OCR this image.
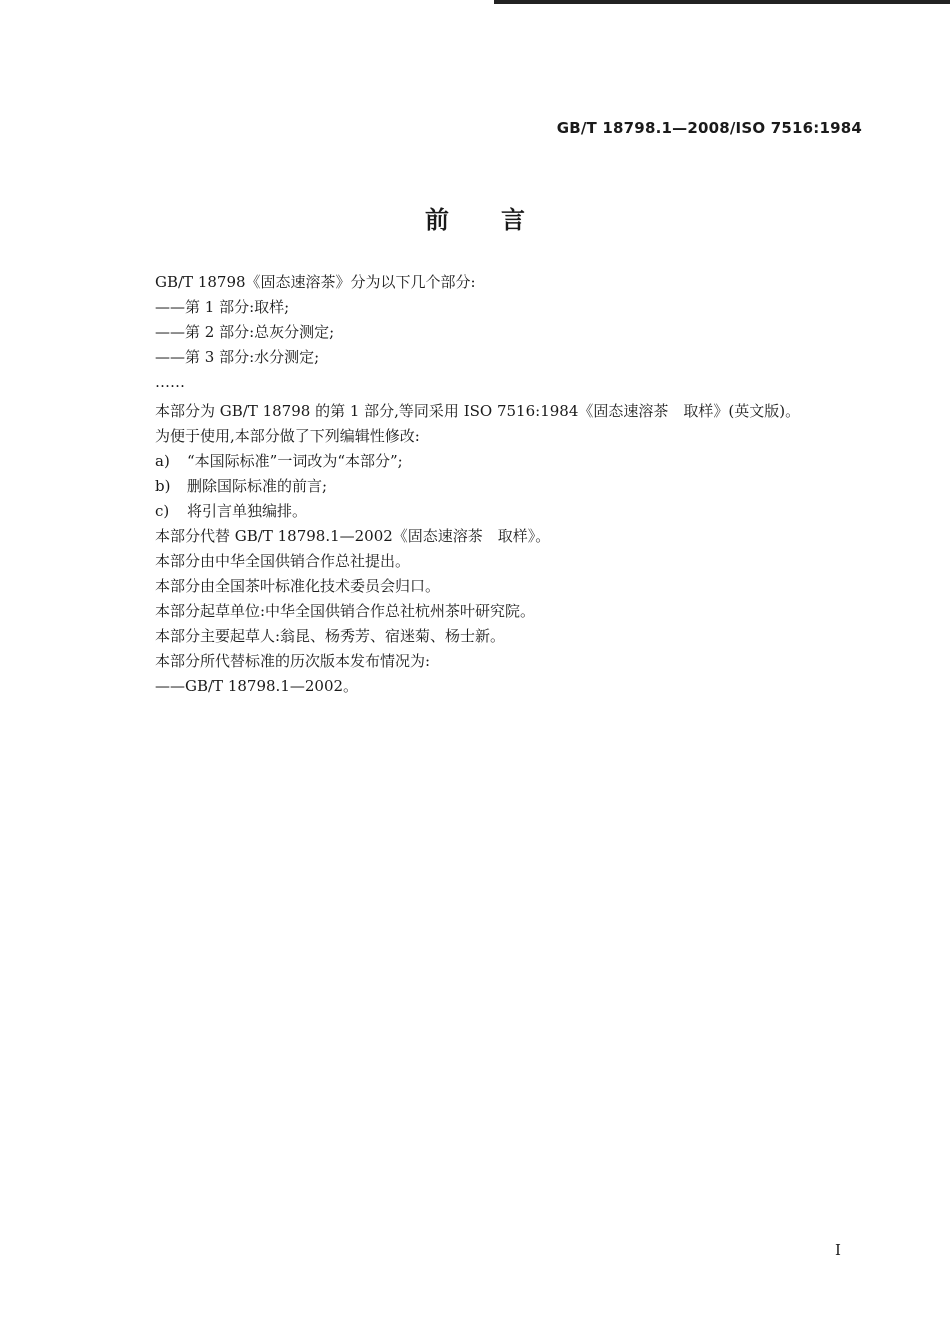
GB/T 18798.1—2008/ISO 7516:1984
前言
GB/T 18798《固态速溶茶》分为以下几个部分:
——第 1 部分:取样;
——第 2 部分:总灰分测定;
——第 3 部分:水分测定;
……
本部分为 GB/T 18798 的第 1 部分,等同采用 ISO 7516:1984《固态速溶茶　取样》(英文版)。
为便于使用,本部分做了下列编辑性修改:
a)	“本国际标准”一词改为“本部分”;
b)	删除国际标准的前言;
c)	将引言单独编排。
本部分代替 GB/T 18798.1—2002《固态速溶茶　取样》。
本部分由中华全国供销合作总社提出。
本部分由全国茶叶标准化技术委员会归口。
本部分起草单位:中华全国供销合作总社杭州茶叶研究院。
本部分主要起草人:翁昆、杨秀芳、宿迷菊、杨士新。
本部分所代替标准的历次版本发布情况为:
——GB/T 18798.1—2002。
I
